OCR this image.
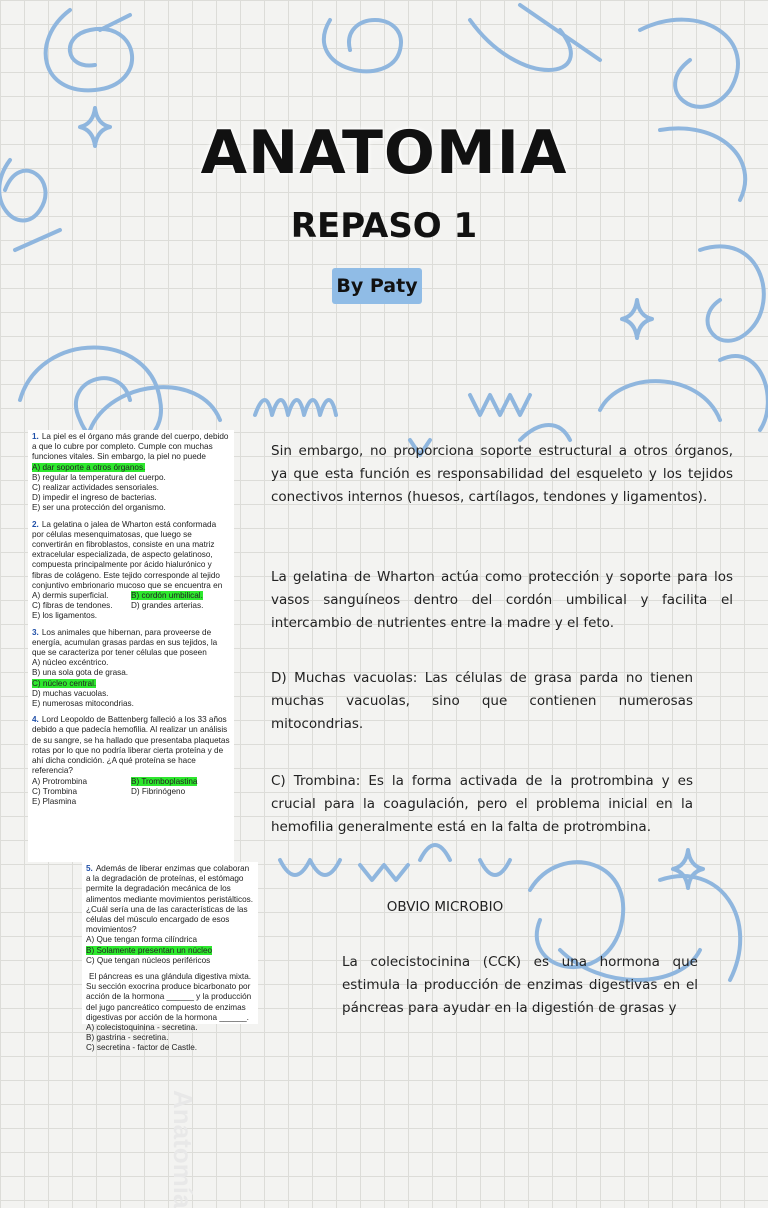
ANATOMIA
REPASO 1
By Paty
Anatomía
1. La piel es el órgano más grande del cuerpo, debido a que lo cubre por completo. Cumple con muchas funciones vitales. Sin embargo, la piel no puede
A) dar soporte a otros órganos.
B) regular la temperatura del cuerpo.
C) realizar actividades sensoriales.
D) impedir el ingreso de bacterias.
E) ser una protección del organismo.
2. La gelatina o jalea de Wharton está conformada por células mesenquimatosas, que luego se convertirán en fibroblastos, consiste en una matriz extracelular especializada, de aspecto gelatinoso, compuesta principalmente por ácido hialurónico y fibras de colágeno. Este tejido corresponde al tejido conjuntivo embrionario mucoso que se encuentra en
A) dermis superficial.	B) cordón umbilical.
C) fibras de tendones.	D) grandes arterias.
E) los ligamentos.
3. Los animales que hibernan, para proveerse de energía, acumulan grasas pardas en sus tejidos, la que se caracteriza por tener células que poseen
A) núcleo excéntrico.
B) una sola gota de grasa.
C) núcleo central.
D) muchas vacuolas.
E) numerosas mitocondrias.
4. Lord Leopoldo de Battenberg falleció a los 33 años debido a que padecía hemofilia. Al realizar un análisis de su sangre, se ha hallado que presentaba plaquetas rotas por lo que no podría liberar cierta proteína y de ahí dicha condición. ¿A qué proteína se hace referencia?
A) Protrombina	B) Tromboplastina
C) Trombina	D) Fibrinógeno
E) Plasmina
5. Además de liberar enzimas que colaboran a la degradación de proteínas, el estómago permite la degradación mecánica de los alimentos mediante movimientos peristálticos. ¿Cuál sería una de las características de las células del músculo encargado de esos movimientos?
A) Que tengan forma cilíndrica
B) Solamente presentan un núcleo
C) Que tengan núcleos periféricos
El páncreas es una glándula digestiva mixta. Su sección exocrina produce bicarbonato por acción de la hormona ______ y la producción del jugo pancreático compuesto de enzimas digestivas por acción de la hormona ______.
A) colecistoquinina - secretina.
B) gastrina - secretina.
C) secretina - factor de Castle.
Sin embargo, no proporciona soporte estructural a otros órganos, ya que esta función es responsabilidad del esqueleto y los tejidos conectivos internos (huesos, cartílagos, tendones y ligamentos).
La gelatina de Wharton actúa como protección y soporte para los vasos sanguíneos dentro del cordón umbilical y facilita el intercambio de nutrientes entre la madre y el feto.
D) Muchas vacuolas: Las células de grasa parda no tienen muchas vacuolas, sino que contienen numerosas mitocondrias.
C) Trombina: Es la forma activada de la protrombina y es crucial para la coagulación, pero el problema inicial en la hemofilia generalmente está en la falta de protrombina.
OBVIO MICROBIO
La colecistocinina (CCK) es una hormona que estimula la producción de enzimas digestivas en el páncreas para ayudar en la digestión de grasas y
